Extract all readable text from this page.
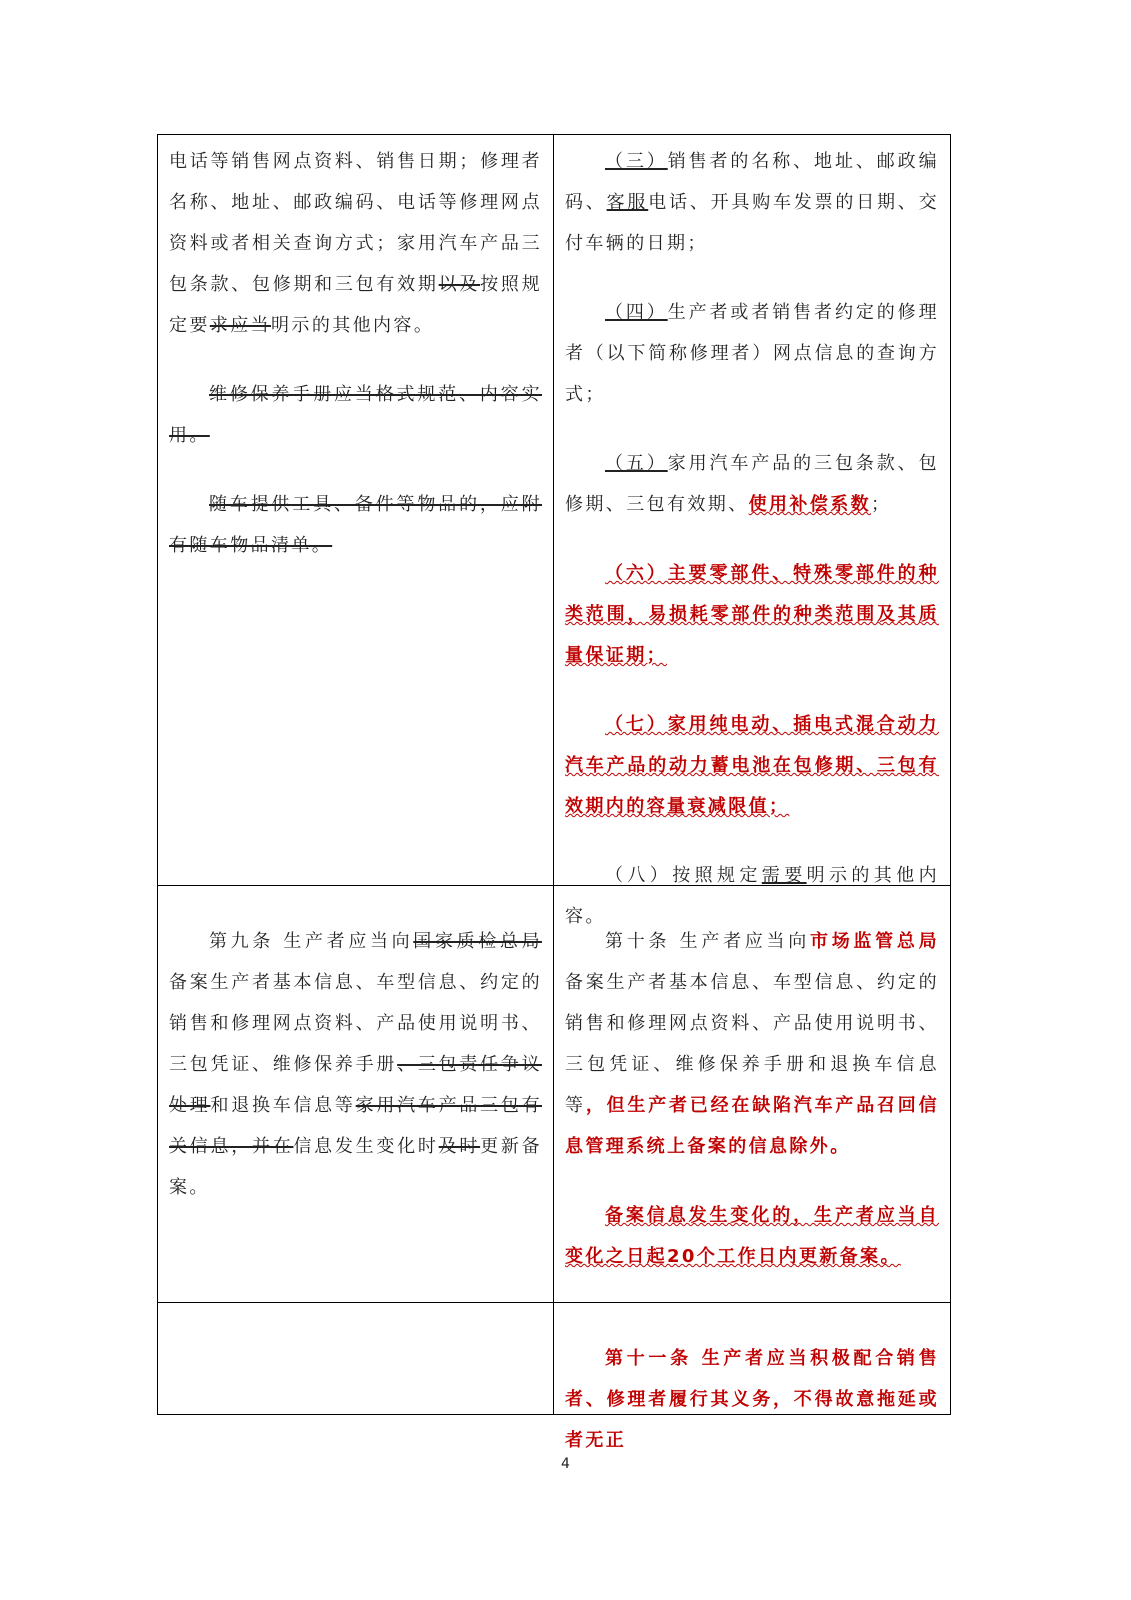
电话等销售网点资料、销售日期；修理者名称、地址、邮政编码、电话等修理网点资料或者相关查询方式；家用汽车产品三包条款、包修期和三包有效期以及按照规定要求应当明示的其他内容。
维修保养手册应当格式规范、内容实用。
随车提供工具、备件等物品的，应附有随车物品清单。
（三）销售者的名称、地址、邮政编码、客服电话、开具购车发票的日期、交付车辆的日期；
（四）生产者或者销售者约定的修理者（以下简称修理者）网点信息的查询方式；
（五）家用汽车产品的三包条款、包修期、三包有效期、使用补偿系数；
（六）主要零部件、特殊零部件的种类范围，易损耗零部件的种类范围及其质量保证期；
（七）家用纯电动、插电式混合动力汽车产品的动力蓄电池在包修期、三包有效期内的容量衰减限值；
（八）按照规定需要明示的其他内容。
第九条 生产者应当向国家质检总局备案生产者基本信息、车型信息、约定的销售和修理网点资料、产品使用说明书、三包凭证、维修保养手册、三包责任争议处理和退换车信息等家用汽车产品三包有关信息，并在信息发生变化时及时更新备案。
第十条 生产者应当向市场监管总局备案生产者基本信息、车型信息、约定的销售和修理网点资料、产品使用说明书、三包凭证、维修保养手册和退换车信息等，但生产者已经在缺陷汽车产品召回信息管理系统上备案的信息除外。
备案信息发生变化的，生产者应当自变化之日起20个工作日内更新备案。
第十一条 生产者应当积极配合销售者、修理者履行其义务，不得故意拖延或者无正
4
